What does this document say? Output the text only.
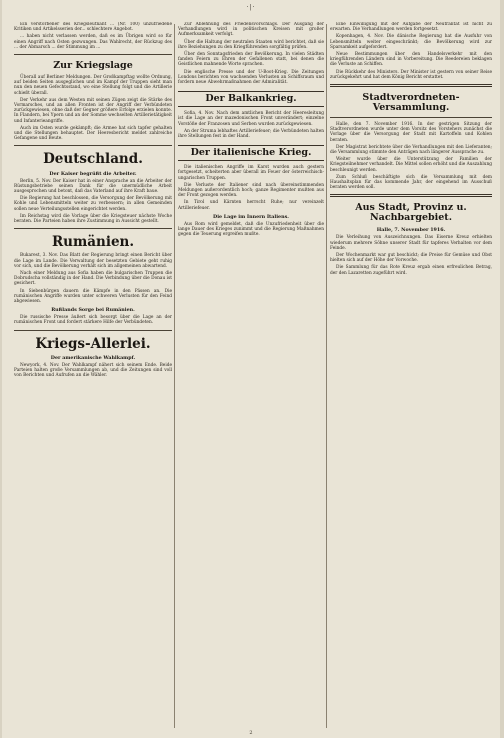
·|·

Ein verstorbener des Kriegsleutnant ... (Nr. 100) unzufriedene Kritiken und Artikelsserien der... schlechtere Angebot.

... haben nicht verlassen werden, daß es im Übrigen wird so für einen Angriff nach Osten gezwungen. Das Wahlrecht, der Rückzug des ... der Abmarsch ... der Stimmung im ...

Zur Kriegslage

Überall auf Berliner Meldungen. Der Großkampftag wollte Ordnung, auf beiden Seiten ausgeglichen und im Kampf der Truppen sieht man nun den neuen Gefechtsstand, wo eine Stellung folgt und die Artillerie schießt überall.

Der Verkehr aus dem Westen mit seinen Zügen zeigt die Stärke des Vormarsches, und an allen Fronten ist der Angriff der Verbündeten zurückgewiesen, ohne daß der Gegner größere Erfolge erzielen konnte. In Flandern, bei Ypern und an der Somme wechselten Artillerietätigkeit und Infanterieangriffe.

Auch im Osten wurde gekämpft; die Armee hat sich tapfer gehalten und die Stellungen behauptet. Der Heeresbericht meldet zahlreiche Gefangene und Beute.

Deutschland.
Der Kaiser begrüßt die Arbeiter.

Berlin, 5. Nov. Der Kaiser hat in einer Ansprache an die Arbeiter der Rüstungsbetriebe seinen Dank für die unermüdliche Arbeit ausgesprochen und betont, daß das Vaterland auf ihre Kraft baue.

Die Regierung hat beschlossen, die Versorgung der Bevölkerung mit Kohle und Lebensmitteln weiter zu verbessern; in allen Gemeinden sollen neue Verteilungsstellen eingerichtet werden.

Im Reichstag wird die Vorlage über die Kriegsteuer nächste Woche beraten. Die Parteien haben ihre Zustimmung in Aussicht gestellt.

Rumänien.

Bukarest, 3. Nov. Das Blatt der Regierung bringt einen Bericht über die Lage im Lande. Die Verwaltung der besetzten Gebiete geht ruhig vor sich, und die Bevölkerung verhält sich im allgemeinen abwartend.

Nach einer Meldung aus Sofia haben die bulgarischen Truppen die Dobrudscha vollständig in der Hand. Die Verbindung über die Donau ist gesichert.

In Siebenbürgen dauern die Kämpfe in den Pässen an. Die rumänischen Angriffe wurden unter schweren Verlusten für den Feind abgewiesen.

Rußlands Sorge bei Rumänien.

Die russische Presse äußert sich besorgt über die Lage an der rumänischen Front und fordert stärkere Hilfe der Verbündeten.

Kriegs-Allerlei.
Der amerikanische Wahlkampf.

Newyork, 4. Nov. Der Wahlkampf nähert sich seinem Ende. Beide Parteien halten große Versammlungen ab, und die Zeitungen sind voll von Berichten und Aufrufen an die Wähler.

Zur Ablehnung des Friedensvorschlags. Der Ausgang der Verhandlungen wird in politischen Kreisen mit großer Aufmerksamkeit verfolgt.

Über die Haltung der neutralen Staaten wird berichtet, daß sie ihre Beziehungen zu den Kriegführenden sorgfältig prüfen.

Über den Sonntagsfrieden der Bevölkerung. In vielen Städten fanden Feiern zu Ehren der Gefallenen statt, bei denen die Geistlichen mahnende Worte sprachen.

Die englische Presse und der U-Boot-Krieg. Die Zeitungen Londons berichten von wachsenden Verlusten an Schiffsraum und fordern neue Abwehrmaßnahmen der Admiralität.

Der Balkankrieg.

Sofia, 4. Nov. Nach dem amtlichen Bericht der Heeresleitung ist die Lage an der mazedonischen Front unverändert; einzelne Vorstöße der Franzosen und Serben wurden zurückgewiesen.

An der Struma lebhaftes Artilleriefeuer; die Verbündeten halten ihre Stellungen fest in der Hand.

Der italienische Krieg.

Die italienischen Angriffe im Karst wurden auch gestern fortgesetzt, scheiterten aber überall im Feuer der österreichisch-ungarischen Truppen.

Die Verluste der Italiener sind nach übereinstimmenden Meldungen außerordentlich hoch; ganze Regimenter mußten aus der Front gezogen werden.

In Tirol und Kärnten herrscht Ruhe; nur vereinzelt Artilleriefeuer.

Die Lage im Innern Italiens.

Aus Rom wird gemeldet, daß die Unzufriedenheit über die lange Dauer des Krieges zunimmt und die Regierung Maßnahmen gegen die Teuerung ergreifen mußte.

Eine Einwilligung mit der Aufgabe der Neutralität ist nicht zu erwarten. Die Verhandlungen werden fortgesetzt.

Kopenhagen, 4. Nov. Die dänische Regierung hat die Ausfuhr von Lebensmitteln weiter eingeschränkt; die Bevölkerung wird zur Sparsamkeit aufgefordert.

Neue Bestimmungen über den Handelsverkehr mit den kriegführenden Ländern sind in Vorbereitung. Die Reedereien beklagen die Verluste an Schiffen.

Die Rückkehr des Ministers. Der Minister ist gestern von seiner Reise zurückgekehrt und hat dem König Bericht erstattet.

Stadtverordneten-Versammlung.

Halle, den 7. November 1916. In der gestrigen Sitzung der Stadtverordneten wurde unter dem Vorsitz des Vorstehers zunächst die Vorlage über die Versorgung der Stadt mit Kartoffeln und Kohlen beraten.

Der Magistrat berichtete über die Verhandlungen mit den Lieferanten; die Versammlung stimmte den Anträgen nach längerer Aussprache zu.

Weiter wurde über die Unterstützung der Familien der Kriegsteilnehmer verhandelt. Die Mittel sollen erhöht und die Auszahlung beschleunigt werden.

Zum Schluß beschäftigte sich die Versammlung mit dem Haushaltsplan für das kommende Jahr, der eingehend im Ausschuß beraten werden soll.

Aus Stadt, Provinz u. Nachbargebiet.
Halle, 7. November 1916.

Die Verleihung von Auszeichnungen. Das Eiserne Kreuz erhielten wiederum mehrere Söhne unserer Stadt für tapferes Verhalten vor dem Feinde.

Der Wochenmarkt war gut beschickt; die Preise für Gemüse und Obst hielten sich auf der Höhe der Vorwoche.

Die Sammlung für das Rote Kreuz ergab einen erfreulichen Betrag, der den Lazaretten zugeführt wird.

2
